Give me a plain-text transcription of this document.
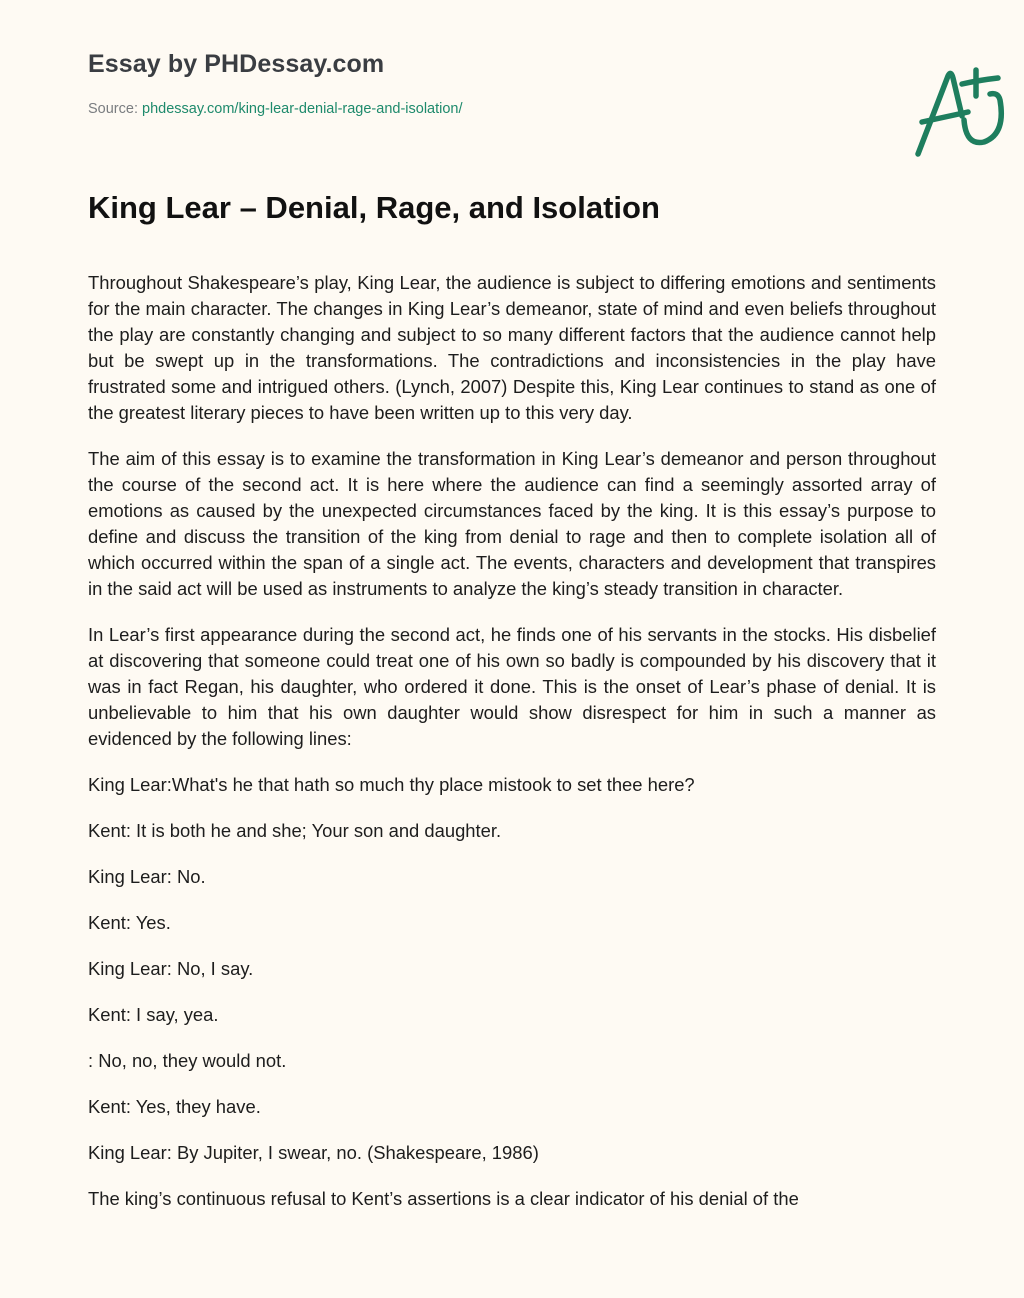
Essay by PHDessay.com
Source: phdessay.com/king-lear-denial-rage-and-isolation/
King Lear – Denial, Rage, and Isolation

Throughout Shakespeare’s play, King Lear, the audience is subject to differing emotions and sentiments for the main character. The changes in King Lear’s demeanor, state of mind and even beliefs throughout the play are constantly changing and subject to so many different factors that the audience cannot help but be swept up in the transformations. The contradictions and inconsistencies in the play have frustrated some and intrigued others. (Lynch, 2007) Despite this, King Lear continues to stand as one of the greatest literary pieces to have been written up to this very day.

The aim of this essay is to examine the transformation in King Lear’s demeanor and person throughout the course of the second act. It is here where the audience can find a seemingly assorted array of emotions as caused by the unexpected circumstances faced by the king. It is this essay’s purpose to define and discuss the transition of the king from denial to rage and then to complete isolation all of which occurred within the span of a single act. The events, characters and development that transpires in the said act will be used as instruments to analyze the king’s steady transition in character.

In Lear’s first appearance during the second act, he finds one of his servants in the stocks. His disbelief at discovering that someone could treat one of his own so badly is compounded by his discovery that it was in fact Regan, his daughter, who ordered it done. This is the onset of Lear’s phase of denial. It is unbelievable to him that his own daughter would show disrespect for him in such a manner as evidenced by the following lines:

King Lear:What's he that hath so much thy place mistook to set thee here?

Kent: It is both he and she; Your son and daughter.

King Lear: No.

Kent: Yes.

King Lear: No, I say.

Kent: I say, yea.

: No, no, they would not.

Kent: Yes, they have.

King Lear: By Jupiter, I swear, no. (Shakespeare, 1986)

The king’s continuous refusal to Kent’s assertions is a clear indicator of his denial of the
